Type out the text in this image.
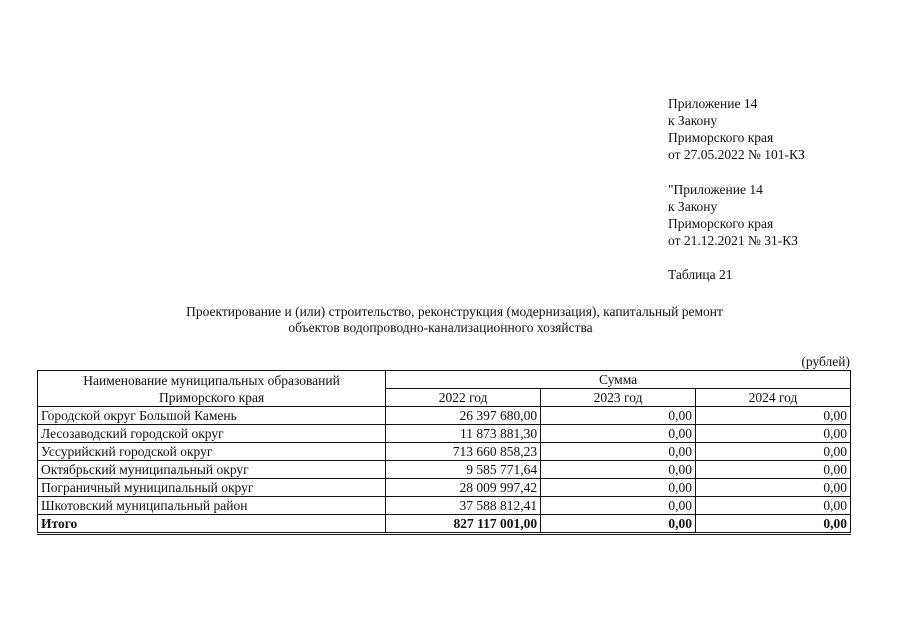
Приложение 14
к Закону
Приморского края
от 27.05.2022 № 101-КЗ
"Приложение 14
к Закону
Приморского края
от 21.12.2021 № 31-КЗ
Таблица 21
Проектирование и (или) строительство, реконструкция (модернизация), капитальный ремонт
объектов водопроводно-канализационного хозяйства
(рублей)
Наименование муниципальных образований
Приморского края	Сумма		
	2022 год	2023 год	2024 год
Городской округ Большой Камень	26 397 680,00	0,00	0,00
Лесозаводский городской округ	11 873 881,30	0,00	0,00
Уссурийский городской округ	713 660 858,23	0,00	0,00
Октябрьский муниципальный округ	9 585 771,64	0,00	0,00
Пограничный муниципальный округ	28 009 997,42	0,00	0,00
Шкотовский муниципальный район	37 588 812,41	0,00	0,00
Итого	827 117 001,00	0,00	0,00
